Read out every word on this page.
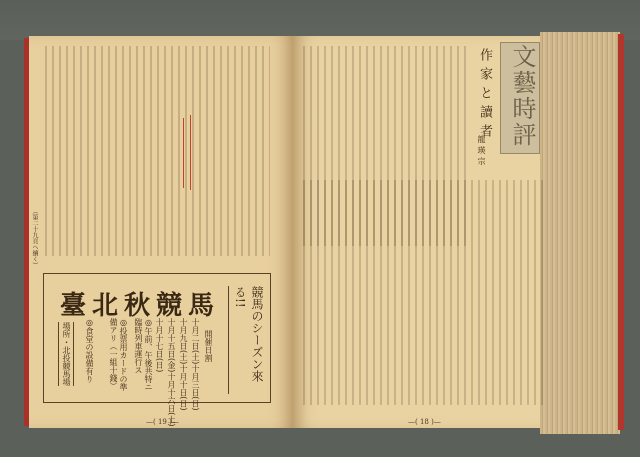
（第二十九頁へ續く）
臺北秋競馬	競馬のシーズン來る!!
開催日割
十月二日(土)十月三日(日)
十月九日(土)十月十日(日)
十月十五日(金)十月十六日(土)
十月十七日(日)
◎午前、午後共特ニ臨時列車運行ス
◎投票用カードの準備アリ（一組十錢）
◎食堂の設備有り
場所・北投競馬場
—( 19 )—
文藝時評
作家と讀者
龍瑛宗
—( 18 )—
